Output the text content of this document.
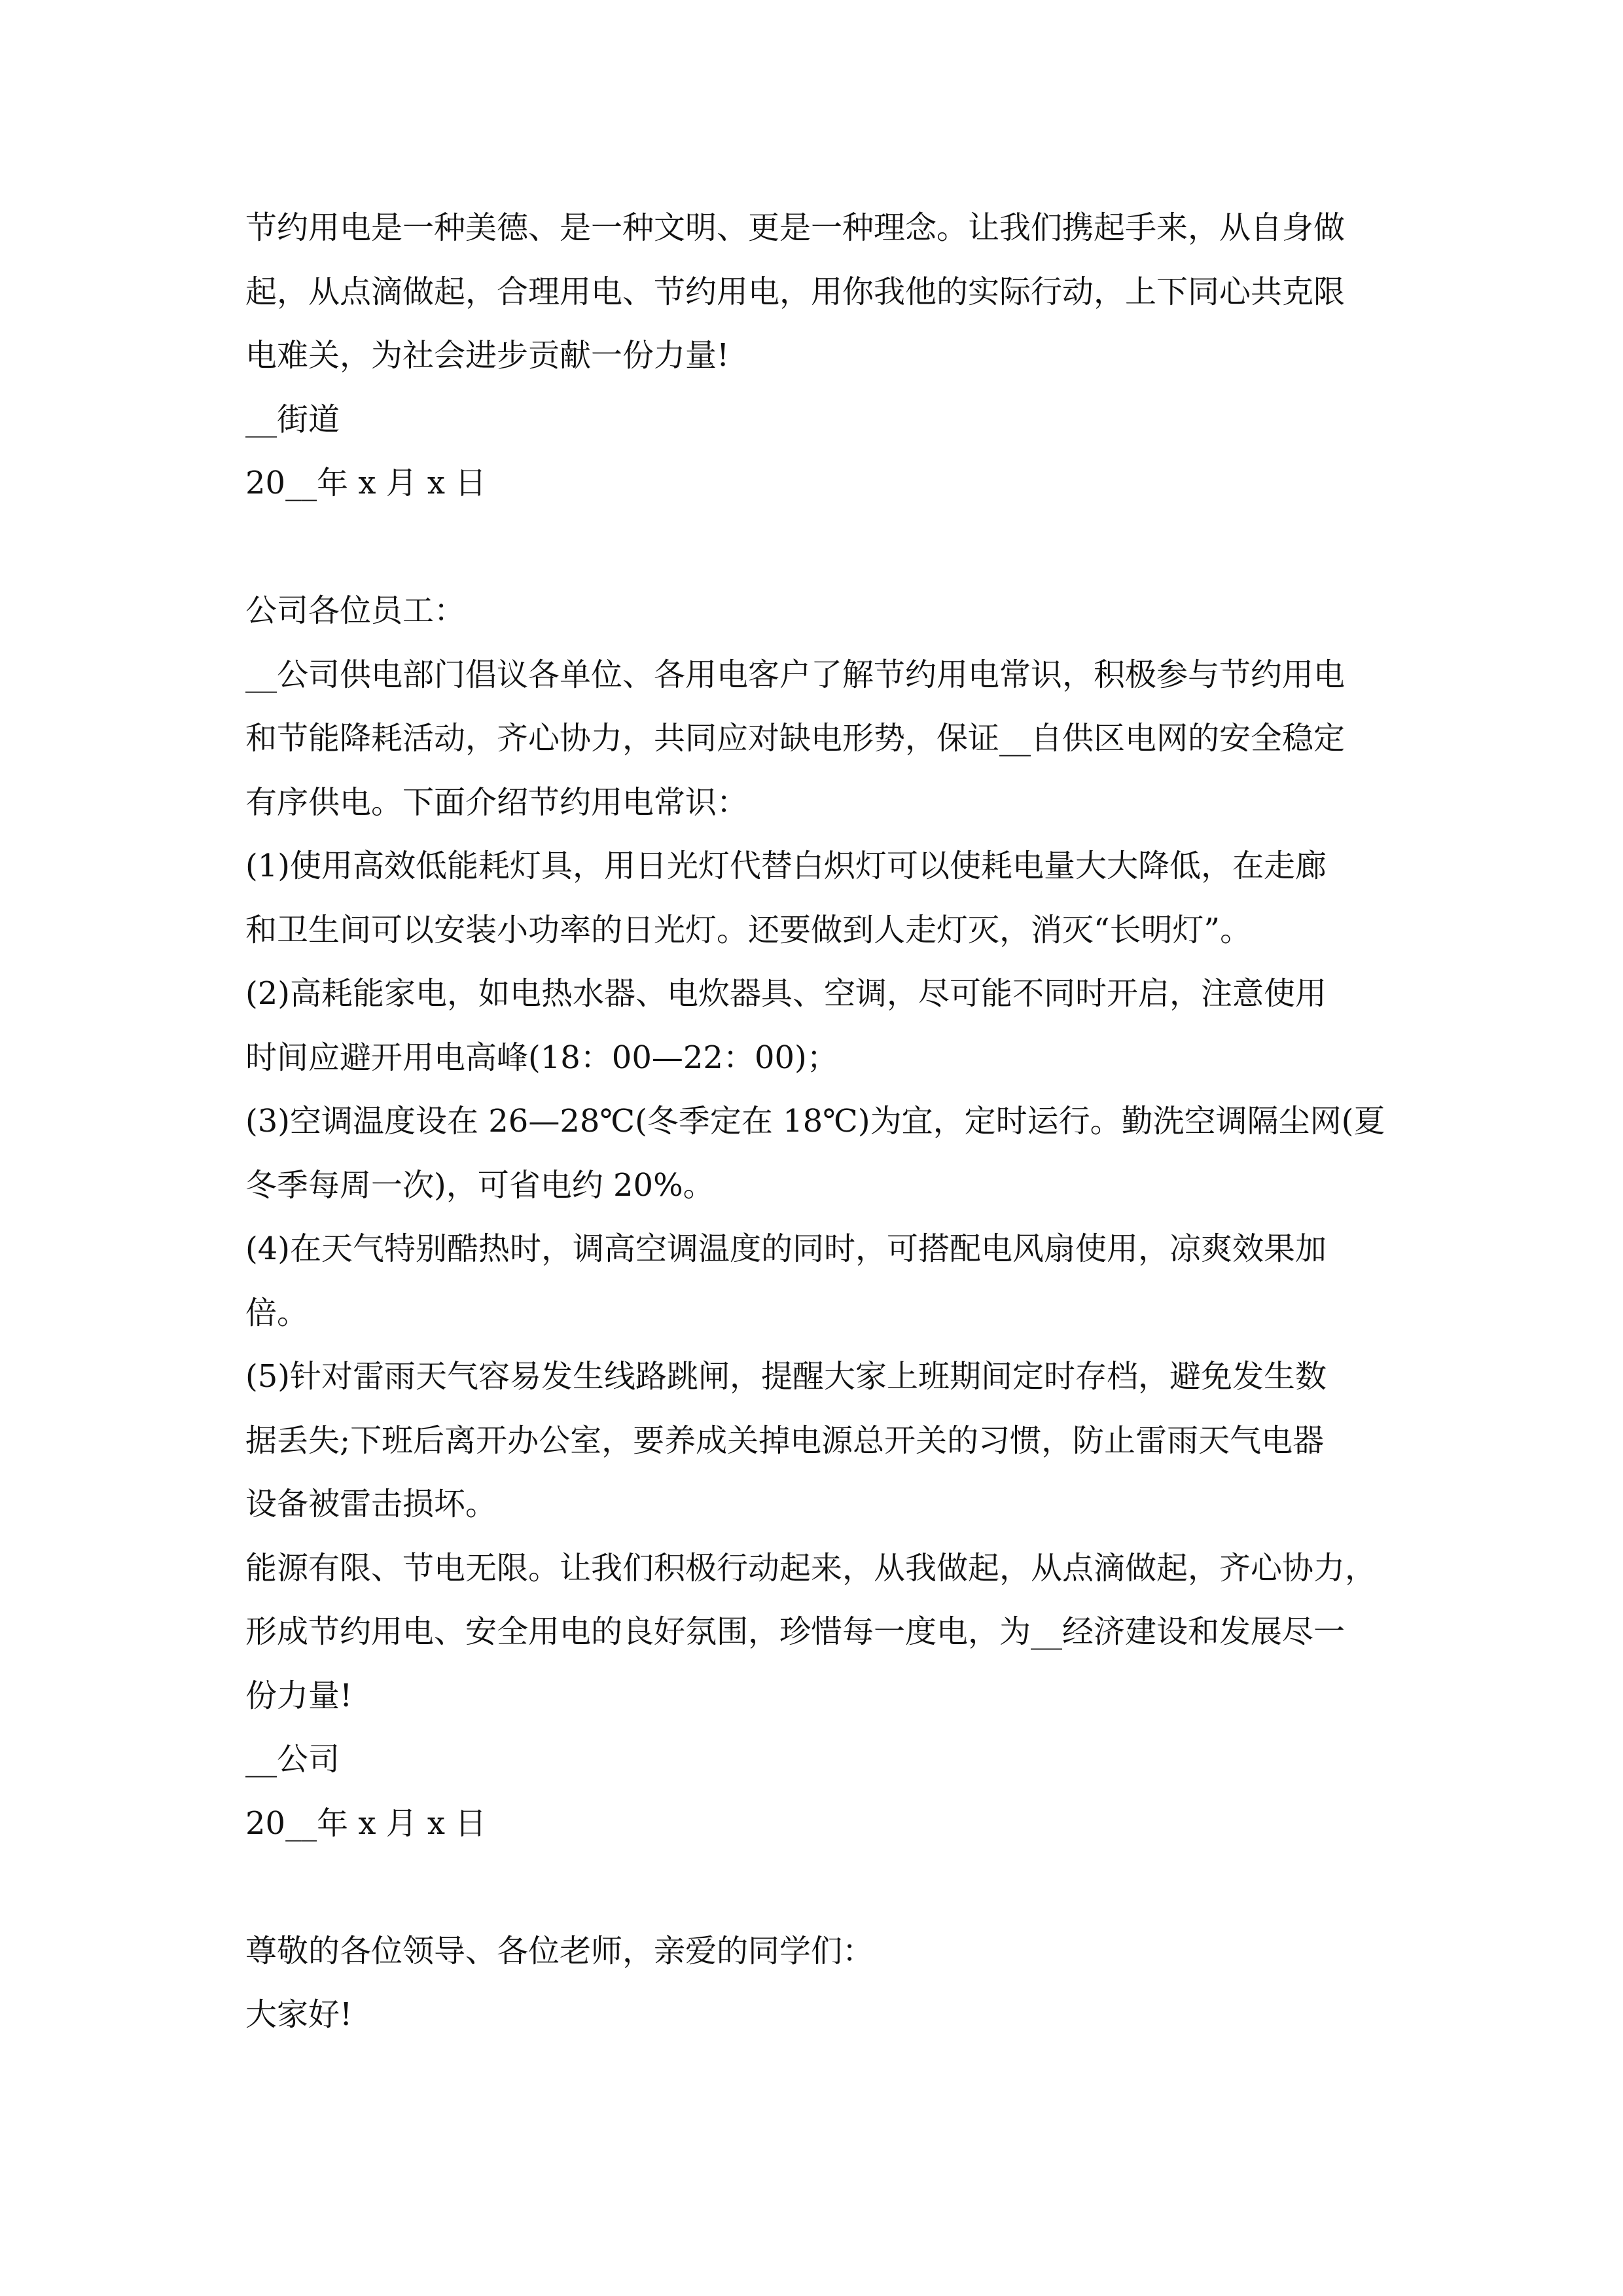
节约用电是一种美德、是一种文明、更是一种理念。让我们携起手来，从自身做
起，从点滴做起，合理用电、节约用电，用你我他的实际行动，上下同心共克限
电难关，为社会进步贡献一份力量!
__街道
20__年 x 月 x 日
公司各位员工：
__公司供电部门倡议各单位、各用电客户了解节约用电常识，积极参与节约用电
和节能降耗活动，齐心协力，共同应对缺电形势，保证__自供区电网的安全稳定
有序供电。下面介绍节约用电常识：
(1)使用高效低能耗灯具，用日光灯代替白炽灯可以使耗电量大大降低，在走廊
和卫生间可以安装小功率的日光灯。还要做到人走灯灭，消灭“长明灯”。
(2)高耗能家电，如电热水器、电炊器具、空调，尽可能不同时开启，注意使用
时间应避开用电高峰(18：00—22：00)；
(3)空调温度设在 26—28℃(冬季定在 18℃)为宜，定时运行。勤洗空调隔尘网(夏
冬季每周一次)，可省电约 20%。
(4)在天气特别酷热时，调高空调温度的同时，可搭配电风扇使用，凉爽效果加
倍。
(5)针对雷雨天气容易发生线路跳闸，提醒大家上班期间定时存档，避免发生数
据丢失;下班后离开办公室，要养成关掉电源总开关的习惯，防止雷雨天气电器
设备被雷击损坏。
能源有限、节电无限。让我们积极行动起来，从我做起，从点滴做起，齐心协力，
形成节约用电、安全用电的良好氛围，珍惜每一度电，为__经济建设和发展尽一
份力量!
__公司
20__年 x 月 x 日
尊敬的各位领导、各位老师，亲爱的同学们：
大家好!
